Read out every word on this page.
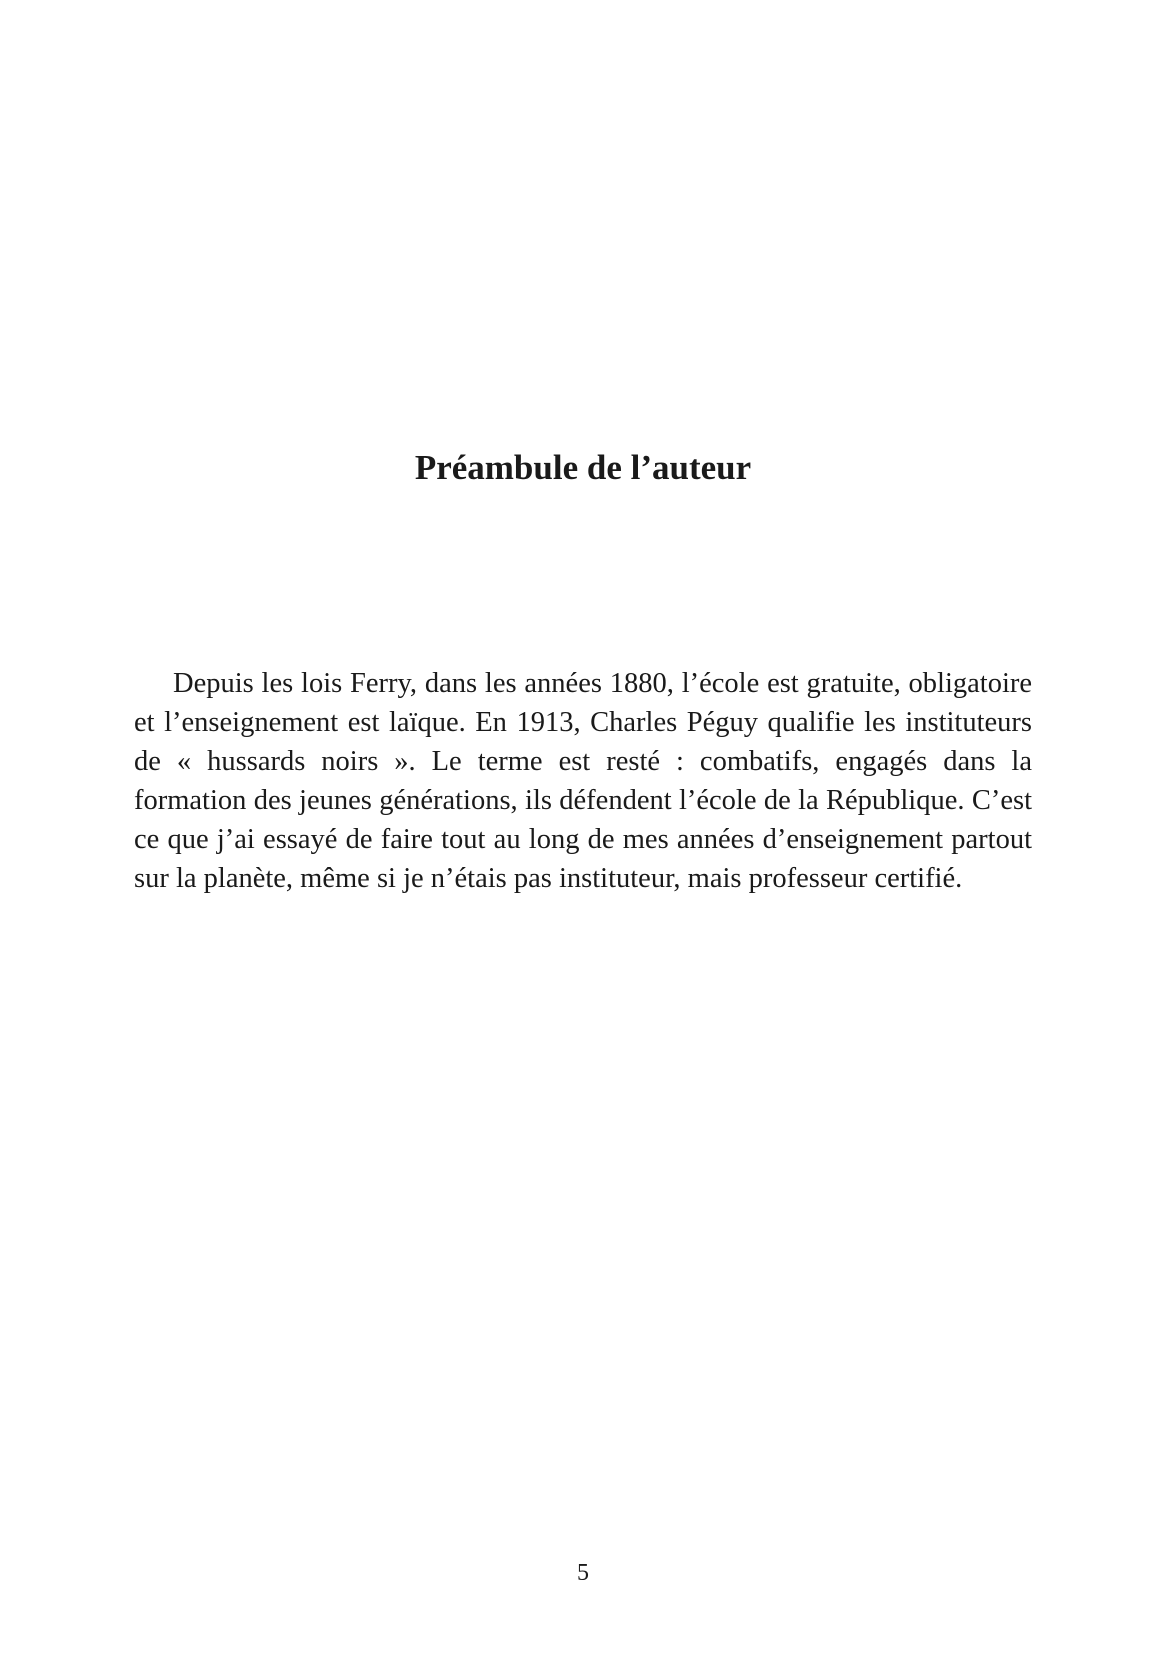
Préambule de l’auteur

Depuis les lois Ferry, dans les années 1880, l’école est gratuite, obligatoire et l’enseignement est laïque. En 1913, Charles Péguy qualifie les instituteurs de « hussards noirs ». Le terme est resté : combatifs, engagés dans la formation des jeunes générations, ils défendent l’école de la République. C’est ce que j’ai essayé de faire tout au long de mes années d’enseignement partout sur la planète, même si je n’étais pas instituteur, mais professeur certifié.

5
